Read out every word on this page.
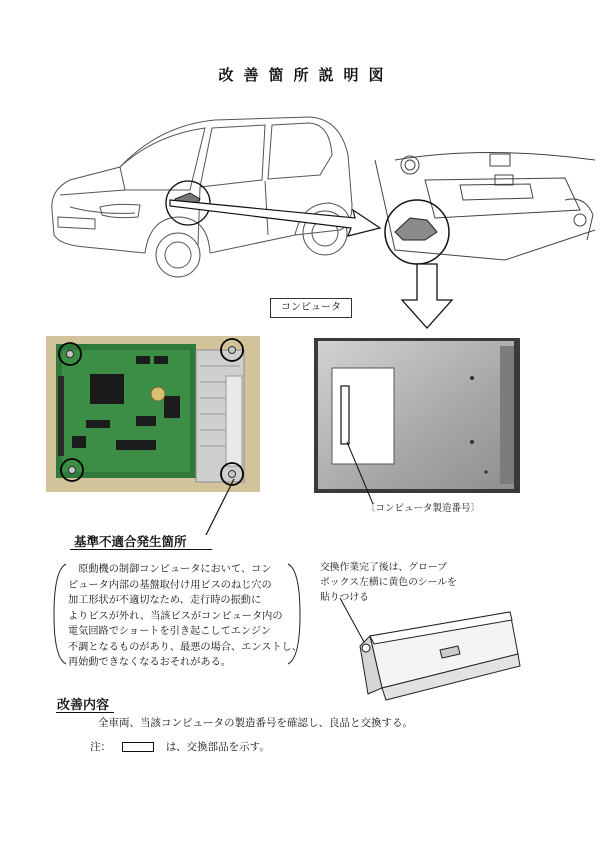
改善箇所説明図
コンピュータ
〔コンピュータ製造番号〕
基準不適合発生箇所
　原動機の制御コンピュータにおいて、コン
ピュータ内部の基盤取付け用ビスのねじ穴の
加工形状が不適切なため、走行時の振動に
よりビスが外れ、当該ビスがコンピュータ内の
電気回路でショートを引き起こしてエンジン
不調となるものがあり、最悪の場合、エンストし、
再始動できなくなるおそれがある。
交換作業完了後は、グローブ
ボックス左横に黄色のシールを
貼りつける
改善内容
全車両、当該コンピュータの製造番号を確認し、良品と交換する。
注：	は、交換部品を示す。
